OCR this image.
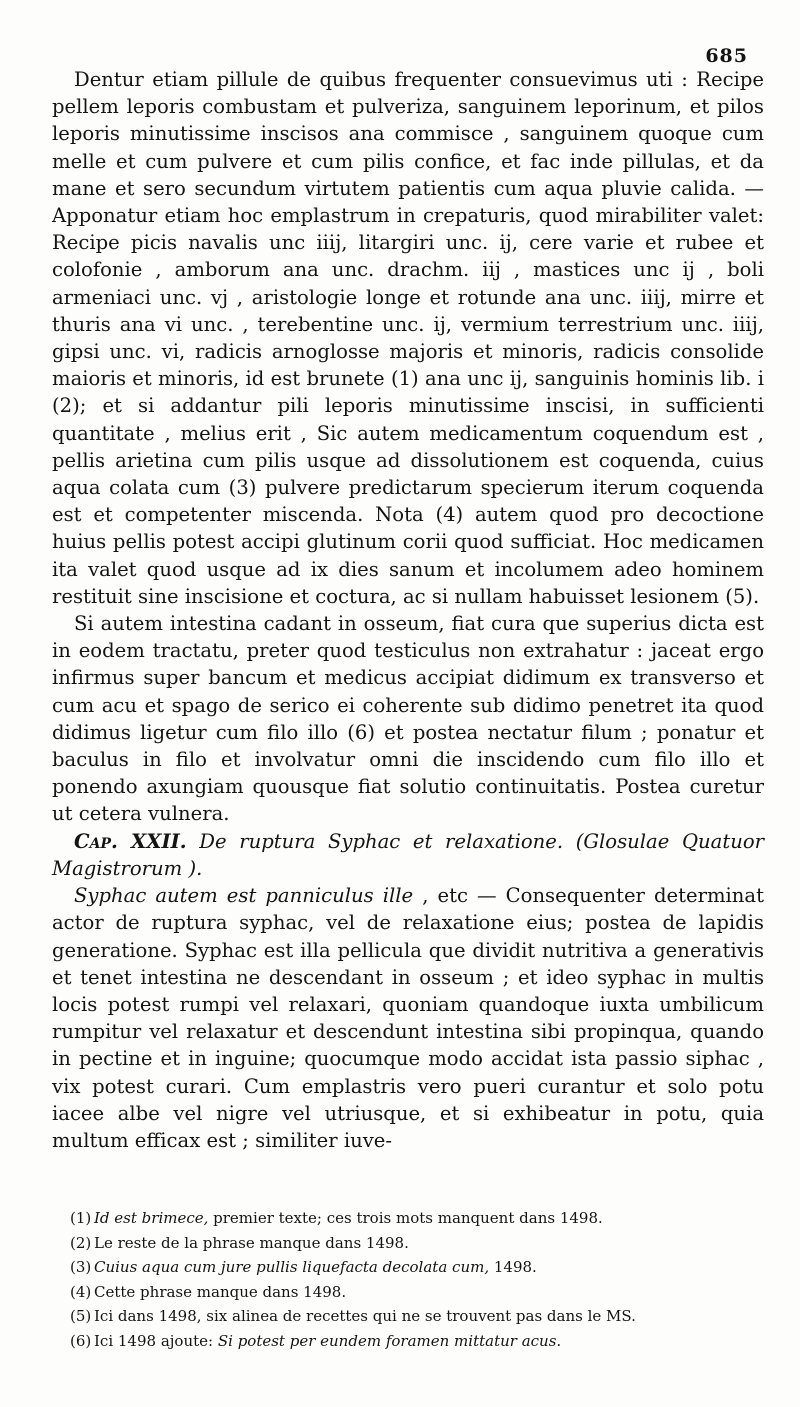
685

Dentur etiam pillule de quibus frequenter consuevimus uti : Recipe pellem leporis combustam et pulveriza, sanguinem leporinum, et pilos leporis minutissime inscisos ana commisce , sanguinem quoque cum melle et cum pulvere et cum pilis confice, et fac inde pillulas, et da mane et sero secundum virtutem patientis cum aqua pluvie calida. — Apponatur etiam hoc emplastrum in crepaturis, quod mirabiliter valet: Recipe picis navalis unc iiij, litargiri unc. ij, cere varie et rubee et colofonie , amborum ana unc. drachm. iij , mastices unc ij , boli armeniaci unc. vj , aristologie longe et rotunde ana unc. iiij, mirre et thuris ana vi unc. , terebentine unc. ij, vermium terrestrium unc. iiij, gipsi unc. vi, radicis arnoglosse majoris et minoris, radicis consolide maioris et minoris, id est brunete (1) ana unc ij, sanguinis hominis lib. i (2); et si addantur pili leporis minutissime inscisi, in sufficienti quantitate , melius erit , Sic autem medicamentum coquendum est , pellis arietina cum pilis usque ad dissolutionem est coquenda, cuius aqua colata cum (3) pulvere predictarum specierum iterum coquenda est et competenter miscenda. Nota (4) autem quod pro decoctione huius pellis potest accipi glutinum corii quod sufficiat. Hoc medicamen ita valet quod usque ad ix dies sanum et incolumem adeo hominem restituit sine inscisione et coctura, ac si nullam habuisset lesionem (5).

Si autem intestina cadant in osseum, fiat cura que superius dicta est in eodem tractatu, preter quod testiculus non extrahatur : jaceat ergo infirmus super bancum et medicus accipiat didimum ex transverso et cum acu et spago de serico ei coherente sub didimo penetret ita quod didimus ligetur cum filo illo (6) et postea nectatur filum ; ponatur et baculus in filo et involvatur omni die inscidendo cum filo illo et ponendo axungiam quousque fiat solutio continuitatis. Postea curetur ut cetera vulnera.

Cap. XXII. De ruptura Syphac et relaxatione. (Glosulae Quatuor Magistrorum ).

Syphac autem est panniculus ille , etc — Consequenter determinat actor de ruptura syphac, vel de relaxatione eius; postea de lapidis generatione. Syphac est illa pellicula que dividit nutritiva a generativis et tenet intestina ne descendant in osseum ; et ideo syphac in multis locis potest rumpi vel relaxari, quoniam quandoque iuxta umbilicum rumpitur vel relaxatur et descendunt intestina sibi propinqua, quando in pectine et in inguine; quocumque modo accidat ista passio siphac , vix potest curari. Cum emplastris vero pueri curantur et solo potu iacee albe vel nigre vel utriusque, et si exhibeatur in potu, quia multum efficax est ; similiter iuve-

(1) Id est brimece, premier texte; ces trois mots manquent dans 1498.

(2) Le reste de la phrase manque dans 1498.

(3) Cuius aqua cum jure pullis liquefacta decolata cum, 1498.

(4) Cette phrase manque dans 1498.

(5) Ici dans 1498, six alinea de recettes qui ne se trouvent pas dans le MS.

(6) Ici 1498 ajoute: Si potest per eundem foramen mittatur acus.
